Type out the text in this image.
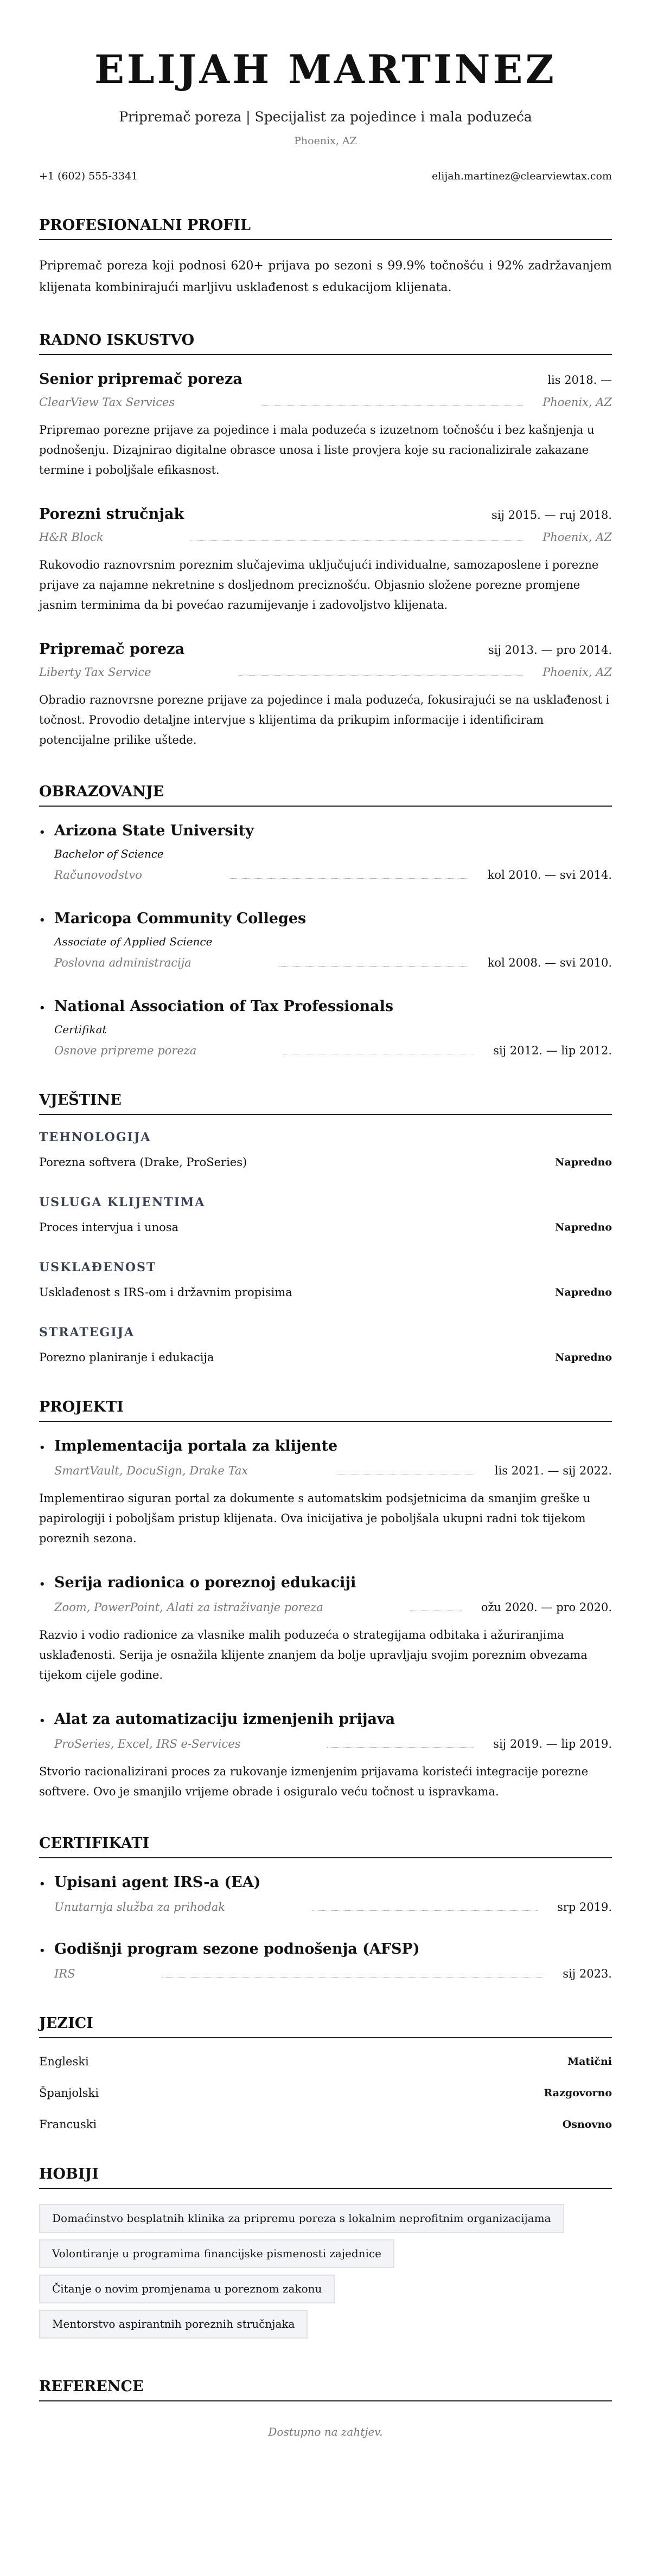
ELIJAH MARTINEZ
Pripremač poreza | Specijalist za pojedince i mala poduzeća
Phoenix, AZ
+1 (602) 555-3341	elijah.martinez@clearviewtax.com
PROFESIONALNI PROFIL

Pripremač poreza koji podnosi 620+ prijava po sezoni s 99.9% točnošću i 92% zadržavanjem klijenata kombinirajući marljivu usklađenost s edukacijom klijenata.

RADNO ISKUSTVO
Senior pripremač poreza	lis 2018. —
ClearView Tax Services	Phoenix, AZ

Pripremao porezne prijave za pojedince i mala poduzeća s izuzetnom točnošću i bez kašnjenja u podnošenju. Dizajnirao digitalne obrasce unosa i liste provjera koje su racionalizirale zakazane termine i poboljšale efikasnost.

Porezni stručnjak	sij 2015. — ruj 2018.
H&R Block	Phoenix, AZ

Rukovodio raznovrsnim poreznim slučajevima uključujući individualne, samozaposlene i porezne prijave za najamne nekretnine s dosljednom preciznošću. Objasnio složene porezne promjene jasnim terminima da bi povećao razumijevanje i zadovoljstvo klijenata.

Pripremač poreza	sij 2013. — pro 2014.
Liberty Tax Service	Phoenix, AZ

Obradio raznovrsne porezne prijave za pojedince i mala poduzeća, fokusirajući se na usklađenost i točnost. Provodio detaljne intervjue s klijentima da prikupim informacije i identificiram potencijalne prilike uštede.

OBRAZOVANJE
• Arizona State University
Bachelor of Science
Računovodstvo	kol 2010. — svi 2014.
• Maricopa Community Colleges
Associate of Applied Science
Poslovna administracija	kol 2008. — svi 2010.
• National Association of Tax Professionals
Certifikat
Osnove pripreme poreza	sij 2012. — lip 2012.
VJEŠTINE
TEHNOLOGIJA
Porezna softvera (Drake, ProSeries)	Napredno
USLUGA KLIJENTIMA
Proces intervjua i unosa	Napredno
USKLAĐENOST
Usklađenost s IRS-om i državnim propisima	Napredno
STRATEGIJA
Porezno planiranje i edukacija	Napredno
PROJEKTI
• Implementacija portala za klijente
SmartVault, DocuSign, Drake Tax	lis 2021. — sij 2022.

Implementirao siguran portal za dokumente s automatskim podsjetnicima da smanjim greške u papirologiji i poboljšam pristup klijenata. Ova inicijativa je poboljšala ukupni radni tok tijekom poreznih sezona.

• Serija radionica o poreznoj edukaciji
Zoom, PowerPoint, Alati za istraživanje poreza	ožu 2020. — pro 2020.

Razvio i vodio radionice za vlasnike malih poduzeća o strategijama odbitaka i ažuriranjima usklađenosti. Serija je osnažila klijente znanjem da bolje upravljaju svojim poreznim obvezama tijekom cijele godine.

• Alat za automatizaciju izmenjenih prijava
ProSeries, Excel, IRS e-Services	sij 2019. — lip 2019.

Stvorio racionalizirani proces za rukovanje izmenjenim prijavama koristeći integracije porezne softvere. Ovo je smanjilo vrijeme obrade i osiguralo veću točnost u ispravkama.

CERTIFIKATI
• Upisani agent IRS-a (EA)
Unutarnja služba za prihodak	srp 2019.
• Godišnji program sezone podnošenja (AFSP)
IRS	sij 2023.
JEZICI
Engleski	Matični
Španjolski	Razgovorno
Francuski	Osnovno
HOBIJI
Domaćinstvo besplatnih klinika za pripremu poreza s lokalnim neprofitnim organizacijama
Volontiranje u programima financijske pismenosti zajednice
Čitanje o novim promjenama u poreznom zakonu
Mentorstvo aspirantnih poreznih stručnjaka
REFERENCE

Dostupno na zahtjev.
